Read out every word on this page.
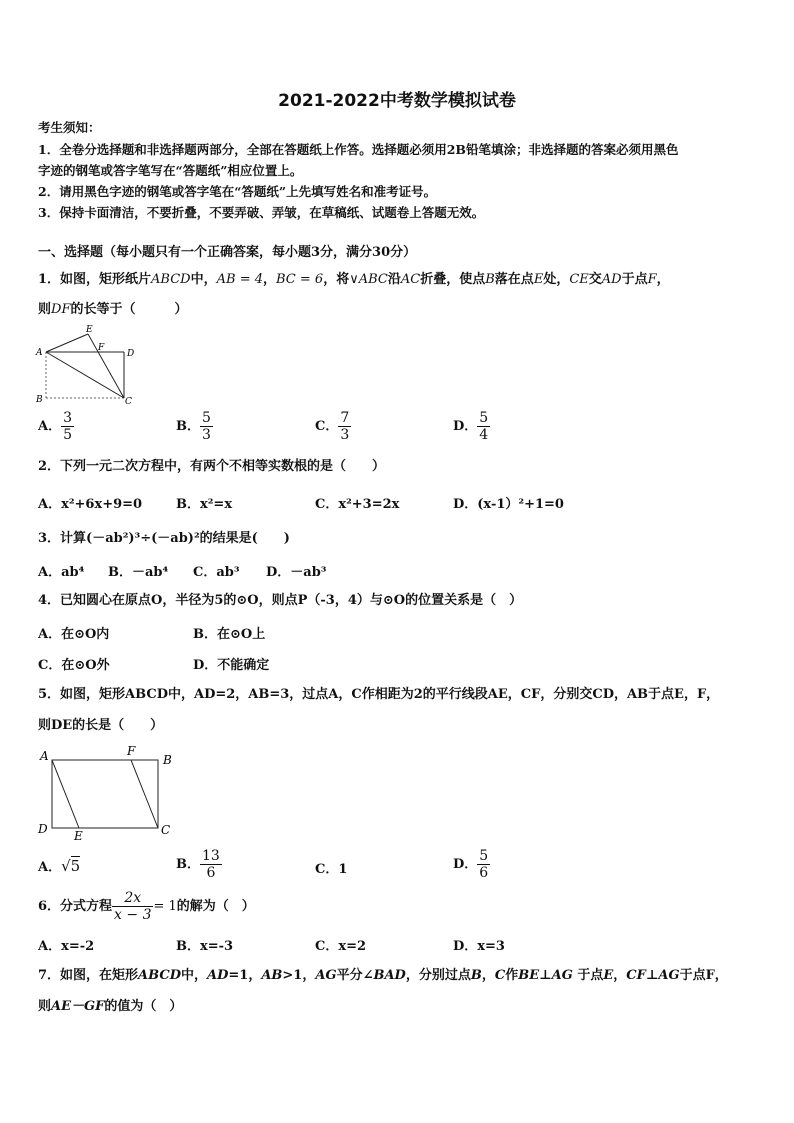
2021-2022中考数学模拟试卷
考生须知：
1．全卷分选择题和非选择题两部分，全部在答题纸上作答。选择题必须用2B铅笔填涂；非选择题的答案必须用黑色
字迹的钢笔或答字笔写在“答题纸”相应位置上。
2．请用黑色字迹的钢笔或答字笔在“答题纸”上先填写姓名和准考证号。
3．保持卡面清洁，不要折叠，不要弄破、弄皱，在草稿纸、试题卷上答题无效。
一、选择题（每小题只有一个正确答案，每小题3分，满分30分）
1．如图，矩形纸片ABCD中，AB = 4，BC = 6，将∨ABC沿AC折叠，使点B落在点E处，CE交AD于点F，
则DF的长等于（　　　）
A
B	C
D
E
F
A． $\frac{3}{5}$	B． $\frac{5}{3}$	C． $\frac{7}{3}$	D． $\frac{5}{4}$
2．下列一元二次方程中，有两个不相等实数根的是（　　）
A．x²+6x+9=0	B．x²=x	C．x²+3=2x	D．(x-1）²+1=0
3．计算(－ab²)³÷(－ab)²的结果是(　　)
A．ab⁴ B．－ab⁴ C．ab³ D．－ab³
4．已知圆心在原点O，半径为5的⊙O，则点P（-3，4）与⊙O的位置关系是（　）
A．在⊙O内	B．在⊙O上
C．在⊙O外	D．不能确定
5．如图，矩形ABCD中，AD=2，AB=3，过点A，C作相距为2的平行线段AE，CF，分别交CD，AB于点E，F，
则DE的长是（　　）
A	B
C
D E
F
A．√5	B． $\frac{13}{6}$	C．1	D． $\frac{5}{6}$
6．分式方程 $\frac{2x}{x - 3} = 1$的解为（　）
A．x=-2	B．x=-3	C．x=2	D．x=3
7．如图，在矩形ABCD中，AD=1，AB>1，AG平分∠BAD，分别过点B，C作BE⊥AG 于点E，CF⊥AG于点F，
则AE－GF的值为（　）
